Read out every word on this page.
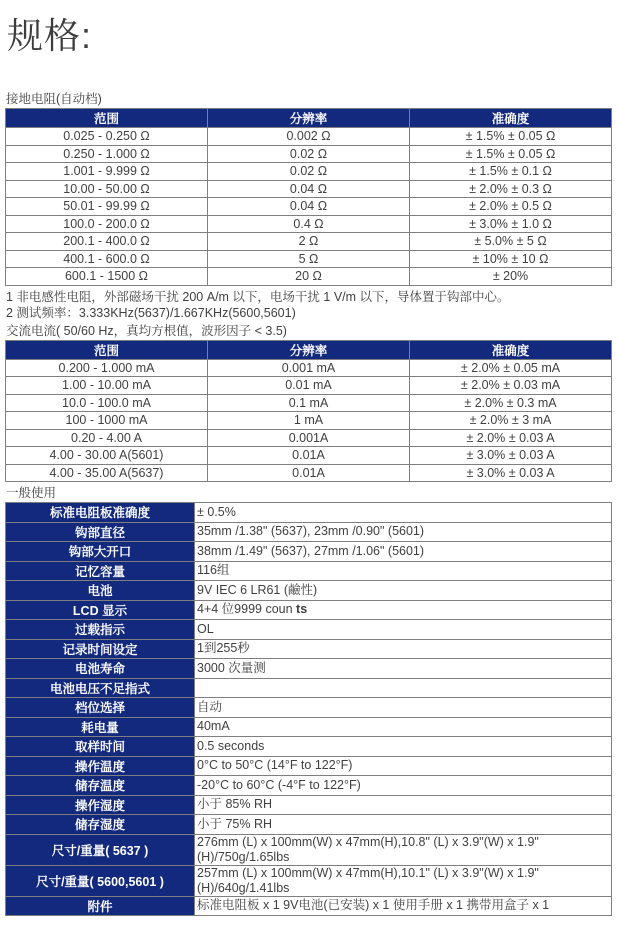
规格:
接地电阻(自动档)
范围	分辨率	准确度
0.025 - 0.250 Ω	0.002 Ω	± 1.5% ± 0.05 Ω
0.250 - 1.000 Ω	0.02 Ω	± 1.5% ± 0.05 Ω
1.001 - 9.999 Ω	0.02 Ω	± 1.5% ± 0.1 Ω
10.00 - 50.00 Ω	0.04 Ω	± 2.0% ± 0.3 Ω
50.01 - 99.99 Ω	0.04 Ω	± 2.0% ± 0.5 Ω
100.0 - 200.0 Ω	0.4 Ω	± 3.0% ± 1.0 Ω
200.1 - 400.0 Ω	2 Ω	± 5.0% ± 5 Ω
400.1 - 600.0 Ω	5 Ω	± 10% ± 10 Ω
600.1 - 1500 Ω	20 Ω	± 20%
1 非电感性电阻，外部磁场干扰 200 A/m 以下，电场干扰 1 V/m 以下，导体置于钩部中心。
2 测试频率：3.333KHz(5637)/1.667KHz(5600,5601)
交流电流( 50/60 Hz，真均方根值，波形因子 < 3.5)
范围	分辨率	准确度
0.200 - 1.000 mA	0.001 mA	± 2.0% ± 0.05 mA
1.00 - 10.00 mA	0.01 mA	± 2.0% ± 0.03 mA
10.0 - 100.0 mA	0.1 mA	± 2.0% ± 0.3 mA
100 - 1000 mA	1 mA	± 2.0% ± 3 mA
0.20 - 4.00 A	0.001A	± 2.0% ± 0.03 A
4.00 - 30.00 A(5601)	0.01A	± 3.0% ± 0.03 A
4.00 - 35.00 A(5637)	0.01A	± 3.0% ± 0.03 A
一般使用
标准电阻板准确度	± 0.5%
钩部直径	35mm /1.38" (5637), 23mm /0.90" (5601)
钩部大开口	38mm /1.49" (5637), 27mm /1.06" (5601)
记忆容量	116组
电池	9V IEC 6 LR61 (鹼性)
LCD 显示	4+4 位9999 coun ts
过载指示	OL
记录时间设定	1到255秒
电池寿命	3000 次量测
电池电压不足指式	
档位选择	自动
耗电量	40mA
取样时间	0.5 seconds
操作温度	0°C to 50°C (14°F to 122°F)
储存温度	-20°C to 60°C (-4°F to 122°F)
操作湿度	小于 85% RH
储存湿度	小于 75% RH
尺寸/重量( 5637 )	276mm (L) x 100mm(W) x 47mm(H),10.8" (L) x 3.9"(W) x 1.9"(H)/750g/1.65lbs
尺寸/重量( 5600,5601 )	257mm (L) x 100mm(W) x 47mm(H),10.1" (L) x 3.9"(W) x 1.9"(H)/640g/1.41lbs
附件	标准电阻板 x 1 9V电池(已安装) x 1 使用手册 x 1 携带用盒子 x 1
